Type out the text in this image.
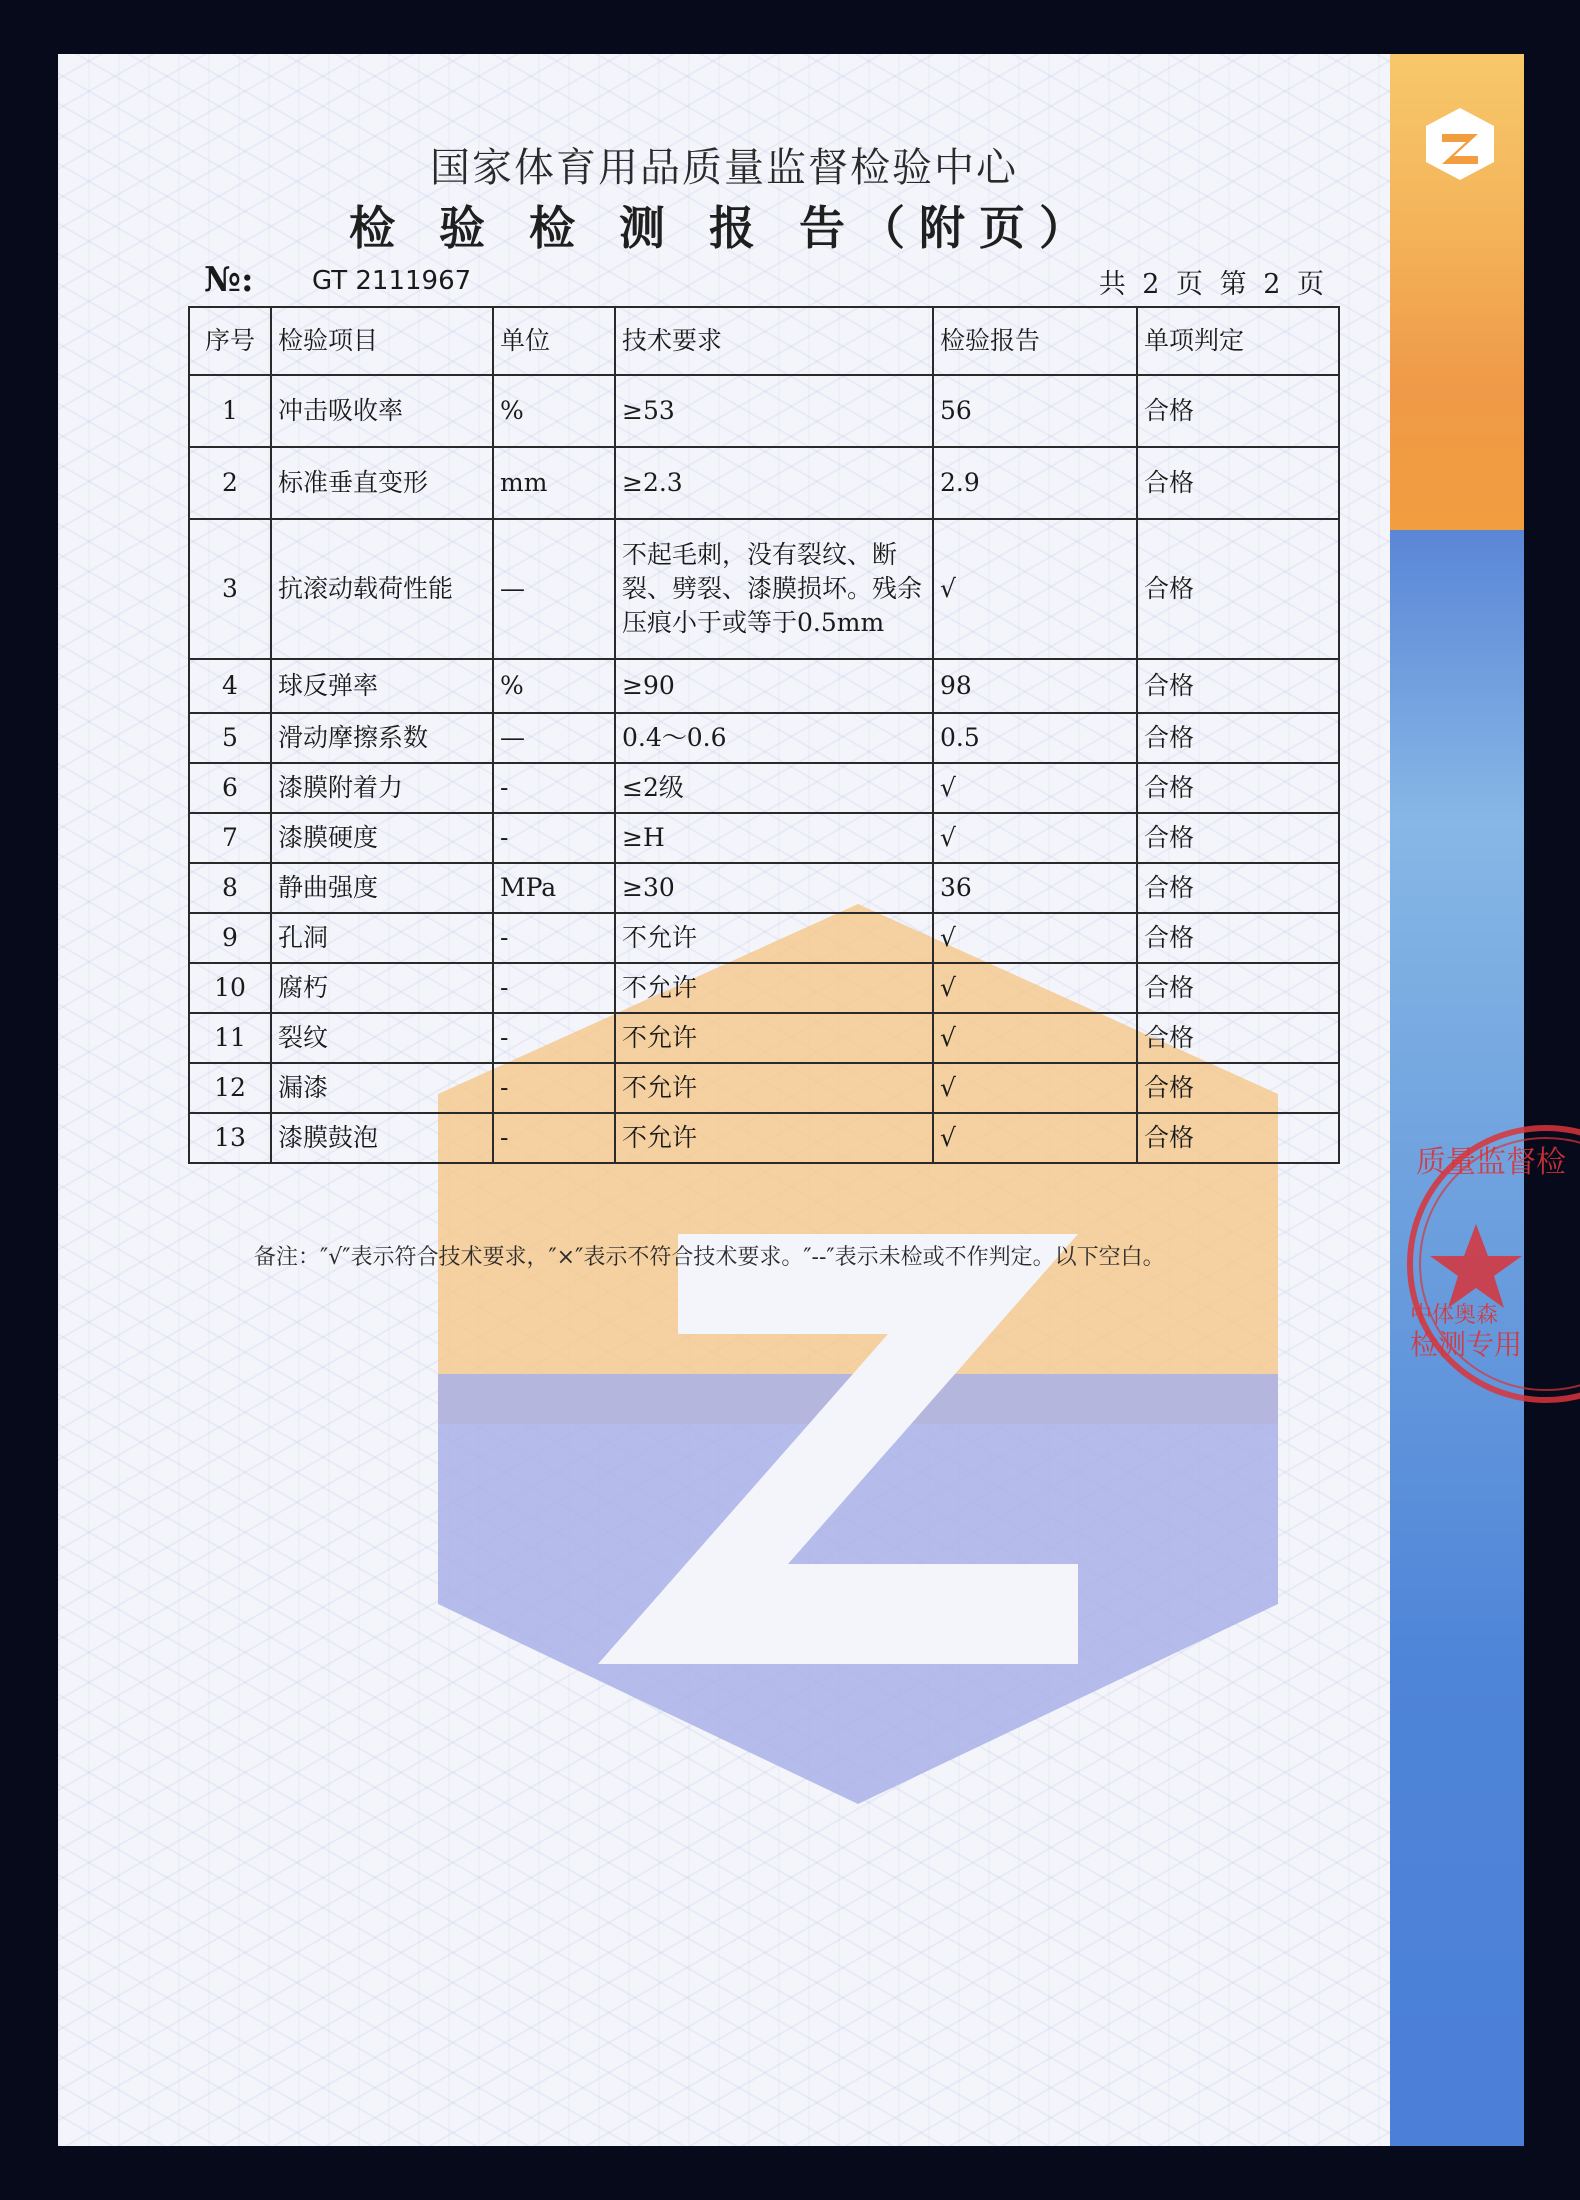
国家体育用品质量监督检验中心
检 验 检 测 报 告（附页）
№: GT 2111967	共 2 页 第 2 页
序号	检验项目	单位	技术要求	检验报告	单项判定
1	冲击吸收率	%	≥53	56	合格
2	标准垂直变形	mm	≥2.3	2.9	合格
3	抗滚动载荷性能	—	不起毛刺，没有裂纹、断裂、劈裂、漆膜损坏。残余压痕小于或等于0.5mm	√	合格
4	球反弹率	%	≥90	98	合格
5	滑动摩擦系数	—	0.4～0.6	0.5	合格
6	漆膜附着力	-	≤2级	√	合格
7	漆膜硬度	-	≥H	√	合格
8	静曲强度	MPa	≥30	36	合格
9	孔洞	-	不允许	√	合格
10	腐朽	-	不允许	√	合格
11	裂纹	-	不允许	√	合格
12	漏漆	-	不允许	√	合格
13	漆膜鼓泡	-	不允许	√	合格
备注：″√″表示符合技术要求，″×″表示不符合技术要求。″--″表示未检或不作判定。以下空白。
质量监督检
检测专用
中体奥森
